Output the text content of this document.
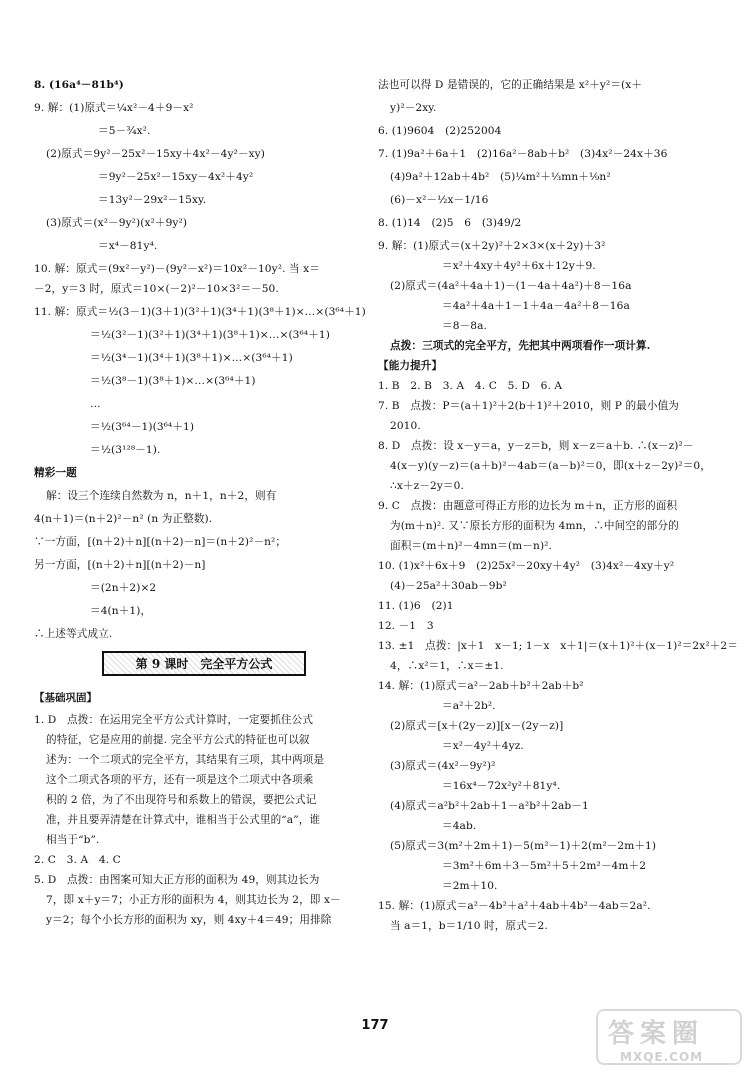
8. (16a⁴－81b⁴)
9. 解：(1)原式＝¼x²－4＋9－x²
＝5－¾x².
(2)原式＝9y²－25x²－15xy＋4x²－4y²－xy)
＝9y²－25x²－15xy－4x²＋4y²
＝13y²－29x²－15xy.
(3)原式＝(x²－9y²)(x²＋9y²)
＝x⁴－81y⁴.
10. 解：原式＝(9x²－y²)－(9y²－x²)＝10x²－10y². 当 x＝
－2，y＝3 时，原式＝10×(－2)²－10×3²＝－50.
11. 解：原式＝½(3－1)(3＋1)(3²＋1)(3⁴＋1)(3⁸＋1)×…×(3⁶⁴＋1)
＝½(3²－1)(3²＋1)(3⁴＋1)(3⁸＋1)×…×(3⁶⁴＋1)
＝½(3⁴－1)(3⁴＋1)(3⁸＋1)×…×(3⁶⁴＋1)
＝½(3⁸－1)(3⁸＋1)×…×(3⁶⁴＋1)
…
＝½(3⁶⁴－1)(3⁶⁴＋1)
＝½(3¹²⁸－1).
精彩一题
解：设三个连续自然数为 n，n＋1，n＋2，则有
4(n＋1)＝(n＋2)²－n² (n 为正整数).
∵一方面，[(n＋2)＋n][(n＋2)－n]＝(n＋2)²－n²；
另一方面，[(n＋2)＋n][(n＋2)－n]
＝(2n＋2)×2
＝4(n＋1)，
∴上述等式成立.
第 9 课时　完全平方公式
【基础巩固】
1. D　点拨：在运用完全平方公式计算时，一定要抓住公式
的特征，它是应用的前提. 完全平方公式的特征也可以叙
述为：一个二项式的完全平方，其结果有三项，其中两项是
这个二项式各项的平方，还有一项是这个二项式中各项乘
积的 2 倍，为了不出现符号和系数上的错误，要把公式记
准，并且要弄清楚在计算式中，谁相当于公式里的“a”，谁
相当于“b”.
2. C　3. A　4. C
5. D　点拨：由图案可知大正方形的面积为 49，则其边长为
7，即 x＋y＝7；小正方形的面积为 4，则其边长为 2，即 x－
y＝2；每个小长方形的面积为 xy，则 4xy＋4＝49；用排除
法也可以得 D 是错误的，它的正确结果是 x²＋y²＝(x＋
y)²－2xy.
6. (1)9604　(2)252004
7. (1)9a²＋6a＋1　(2)16a²－8ab＋b²　(3)4x²－24x＋36
(4)9a²＋12ab＋4b²　(5)¼m²＋⅓mn＋⅑n²
(6)－x²－½x－1/16
8. (1)14　(2)5　6　(3)49/2
9. 解：(1)原式＝(x＋2y)²＋2×3×(x＋2y)＋3²
＝x²＋4xy＋4y²＋6x＋12y＋9.
(2)原式＝(4a²＋4a＋1)－(1－4a＋4a²)＋8－16a
＝4a²＋4a＋1－1＋4a－4a²＋8－16a
＝8－8a.
点拨：三项式的完全平方，先把其中两项看作一项计算.
【能力提升】
1. B　2. B　3. A　4. C　5. D　6. A
7. B　点拨：P＝(a＋1)²＋2(b＋1)²＋2010，则 P 的最小值为
2010.
8. D　点拨：设 x－y＝a，y－z＝b，则 x－z＝a＋b. ∴(x－z)²－
4(x－y)(y－z)＝(a＋b)²－4ab＝(a－b)²＝0，即(x＋z－2y)²＝0，
∴x＋z－2y＝0.
9. C　点拨：由题意可得正方形的边长为 m＋n，正方形的面积
为(m＋n)². 又∵原长方形的面积为 4mn，∴中间空的部分的
面积＝(m＋n)²－4mn＝(m－n)².
10. (1)x²＋6x＋9　(2)25x²－20xy＋4y²　(3)4x²－4xy＋y²
(4)－25a²＋30ab－9b²
11. (1)6　(2)1
12. －1　3
13. ±1　点拨：|x＋1　x－1; 1－x　x＋1|＝(x＋1)²＋(x－1)²＝2x²＋2＝
4，∴x²＝1，∴x＝±1.
14. 解：(1)原式＝a²－2ab＋b²＋2ab＋b²
＝a²＋2b².
(2)原式＝[x＋(2y－z)][x－(2y－z)]
＝x²－4y²＋4yz.
(3)原式＝(4x²－9y²)²
＝16x⁴－72x²y²＋81y⁴.
(4)原式＝a²b²＋2ab＋1－a²b²＋2ab－1
＝4ab.
(5)原式＝3(m²＋2m＋1)－5(m²－1)＋2(m²－2m＋1)
＝3m²＋6m＋3－5m²＋5＋2m²－4m＋2
＝2m＋10.
15. 解：(1)原式＝a²－4b²＋a²＋4ab＋4b²－4ab＝2a².
当 a＝1，b＝1/10 时，原式＝2.
177	答案圈
MXQE.COM
